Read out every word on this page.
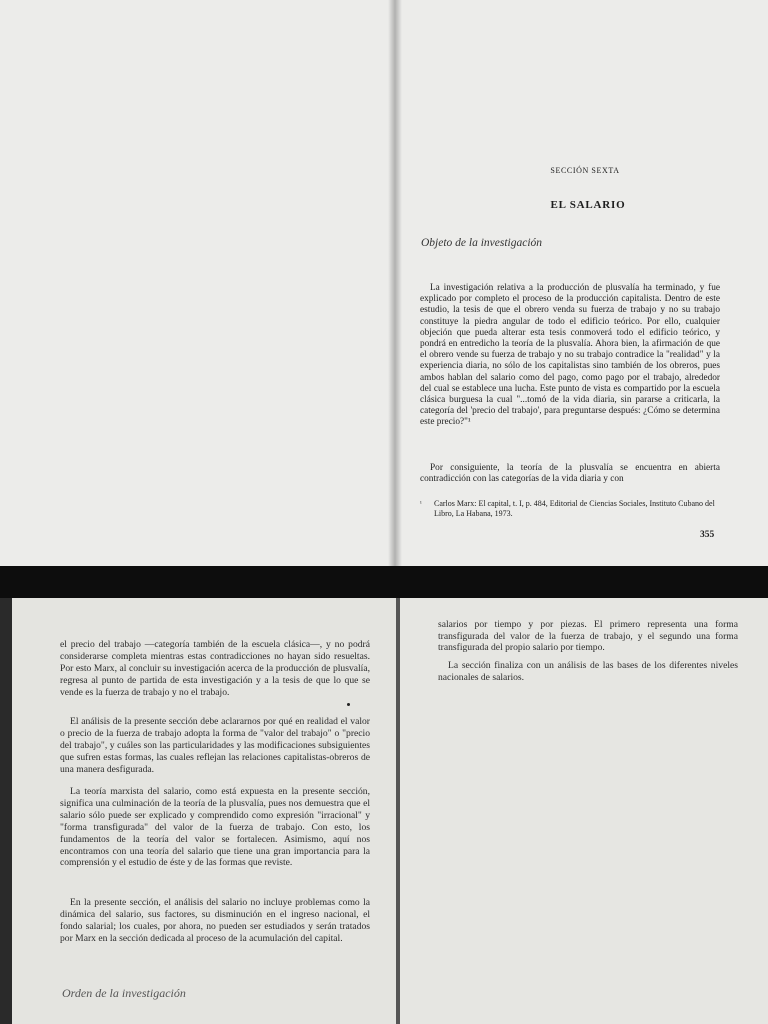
SECCIÓN SEXTA
EL SALARIO
Objeto de la investigación

La investigación relativa a la producción de plusvalía ha terminado, y fue explicado por completo el proceso de la producción capitalista. Dentro de este estudio, la tesis de que el obrero venda su fuerza de trabajo y no su trabajo constituye la piedra angular de todo el edificio teórico. Por ello, cualquier objeción que pueda alterar esta tesis conmoverá todo el edificio teórico, y pondrá en entredicho la teoría de la plusvalía. Ahora bien, la afirmación de que el obrero vende su fuerza de trabajo y no su trabajo contradice la "realidad" y la experiencia diaria, no sólo de los capitalistas sino también de los obreros, pues ambos hablan del salario como del pago, como pago por el trabajo, alrededor del cual se establece una lucha. Este punto de vista es compartido por la escuela clásica burguesa la cual "...tomó de la vida diaria, sin pararse a criticarla, la categoría del 'precio del trabajo', para preguntarse después: ¿Cómo se determina este precio?"¹

Por consiguiente, la teoría de la plusvalía se encuentra en abierta contradicción con las categorías de la vida diaria y con

¹ Carlos Marx: El capital, t. I, p. 484, Editorial de Ciencias Sociales, Instituto Cubano del Libro, La Habana, 1973.
355

el precio del trabajo —categoría también de la escuela clásica—, y no podrá considerarse completa mientras estas contradicciones no hayan sido resueltas. Por esto Marx, al concluir su investigación acerca de la producción de plusvalía, regresa al punto de partida de esta investigación y a la tesis de que lo que se vende es la fuerza de trabajo y no el trabajo.

El análisis de la presente sección debe aclararnos por qué en realidad el valor o precio de la fuerza de trabajo adopta la forma de "valor del trabajo" o "precio del trabajo", y cuáles son las particularidades y las modificaciones subsiguientes que sufren estas formas, las cuales reflejan las relaciones capitalistas-obreros de una manera desfigurada.

La teoría marxista del salario, como está expuesta en la presente sección, significa una culminación de la teoría de la plusvalía, pues nos demuestra que el salario sólo puede ser explicado y comprendido como expresión "irracional" y "forma transfigurada" del valor de la fuerza de trabajo. Con esto, los fundamentos de la teoría del valor se fortalecen. Asimismo, aquí nos encontramos con una teoría del salario que tiene una gran importancia para la comprensión y el estudio de éste y de las formas que reviste.

En la presente sección, el análisis del salario no incluye problemas como la dinámica del salario, sus factores, su disminución en el ingreso nacional, el fondo salarial; los cuales, por ahora, no pueden ser estudiados y serán tratados por Marx en la sección dedicada al proceso de la acumulación del capital.

Orden de la investigación

salarios por tiempo y por piezas. El primero representa una forma transfigurada del valor de la fuerza de trabajo, y el segundo una forma transfigurada del propio salario por tiempo.

La sección finaliza con un análisis de las bases de los diferentes niveles nacionales de salarios.
